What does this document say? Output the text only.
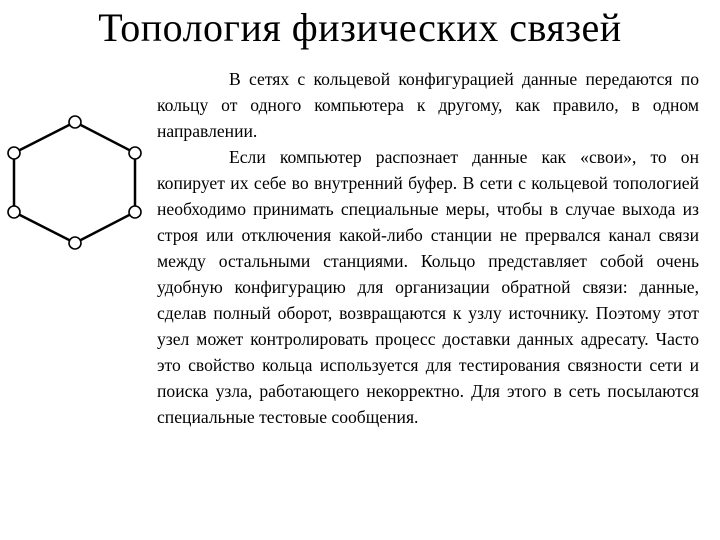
Топология физических связей

В сетях с кольцевой конфигурацией данные передаются по кольцу от одного компьютера к другому, как правило, в одном направлении.

Если компьютер распознает данные как «свои», то он копирует их себе во внутренний буфер. В сети с кольцевой топологией необходимо принимать специальные меры, чтобы в случае выхода из строя или отключения какой-либо станции не прервался канал связи между остальными станциями. Кольцо представляет собой очень удобную конфигурацию для организации обратной связи: данные, сделав полный оборот, возвращаются к узлу источнику. Поэтому этот узел может контролировать процесс доставки данных адресату. Часто это свойство кольца используется для тестирования связности сети и поиска узла, работающего некорректно. Для этого в сеть посылаются специальные тестовые сообщения.
